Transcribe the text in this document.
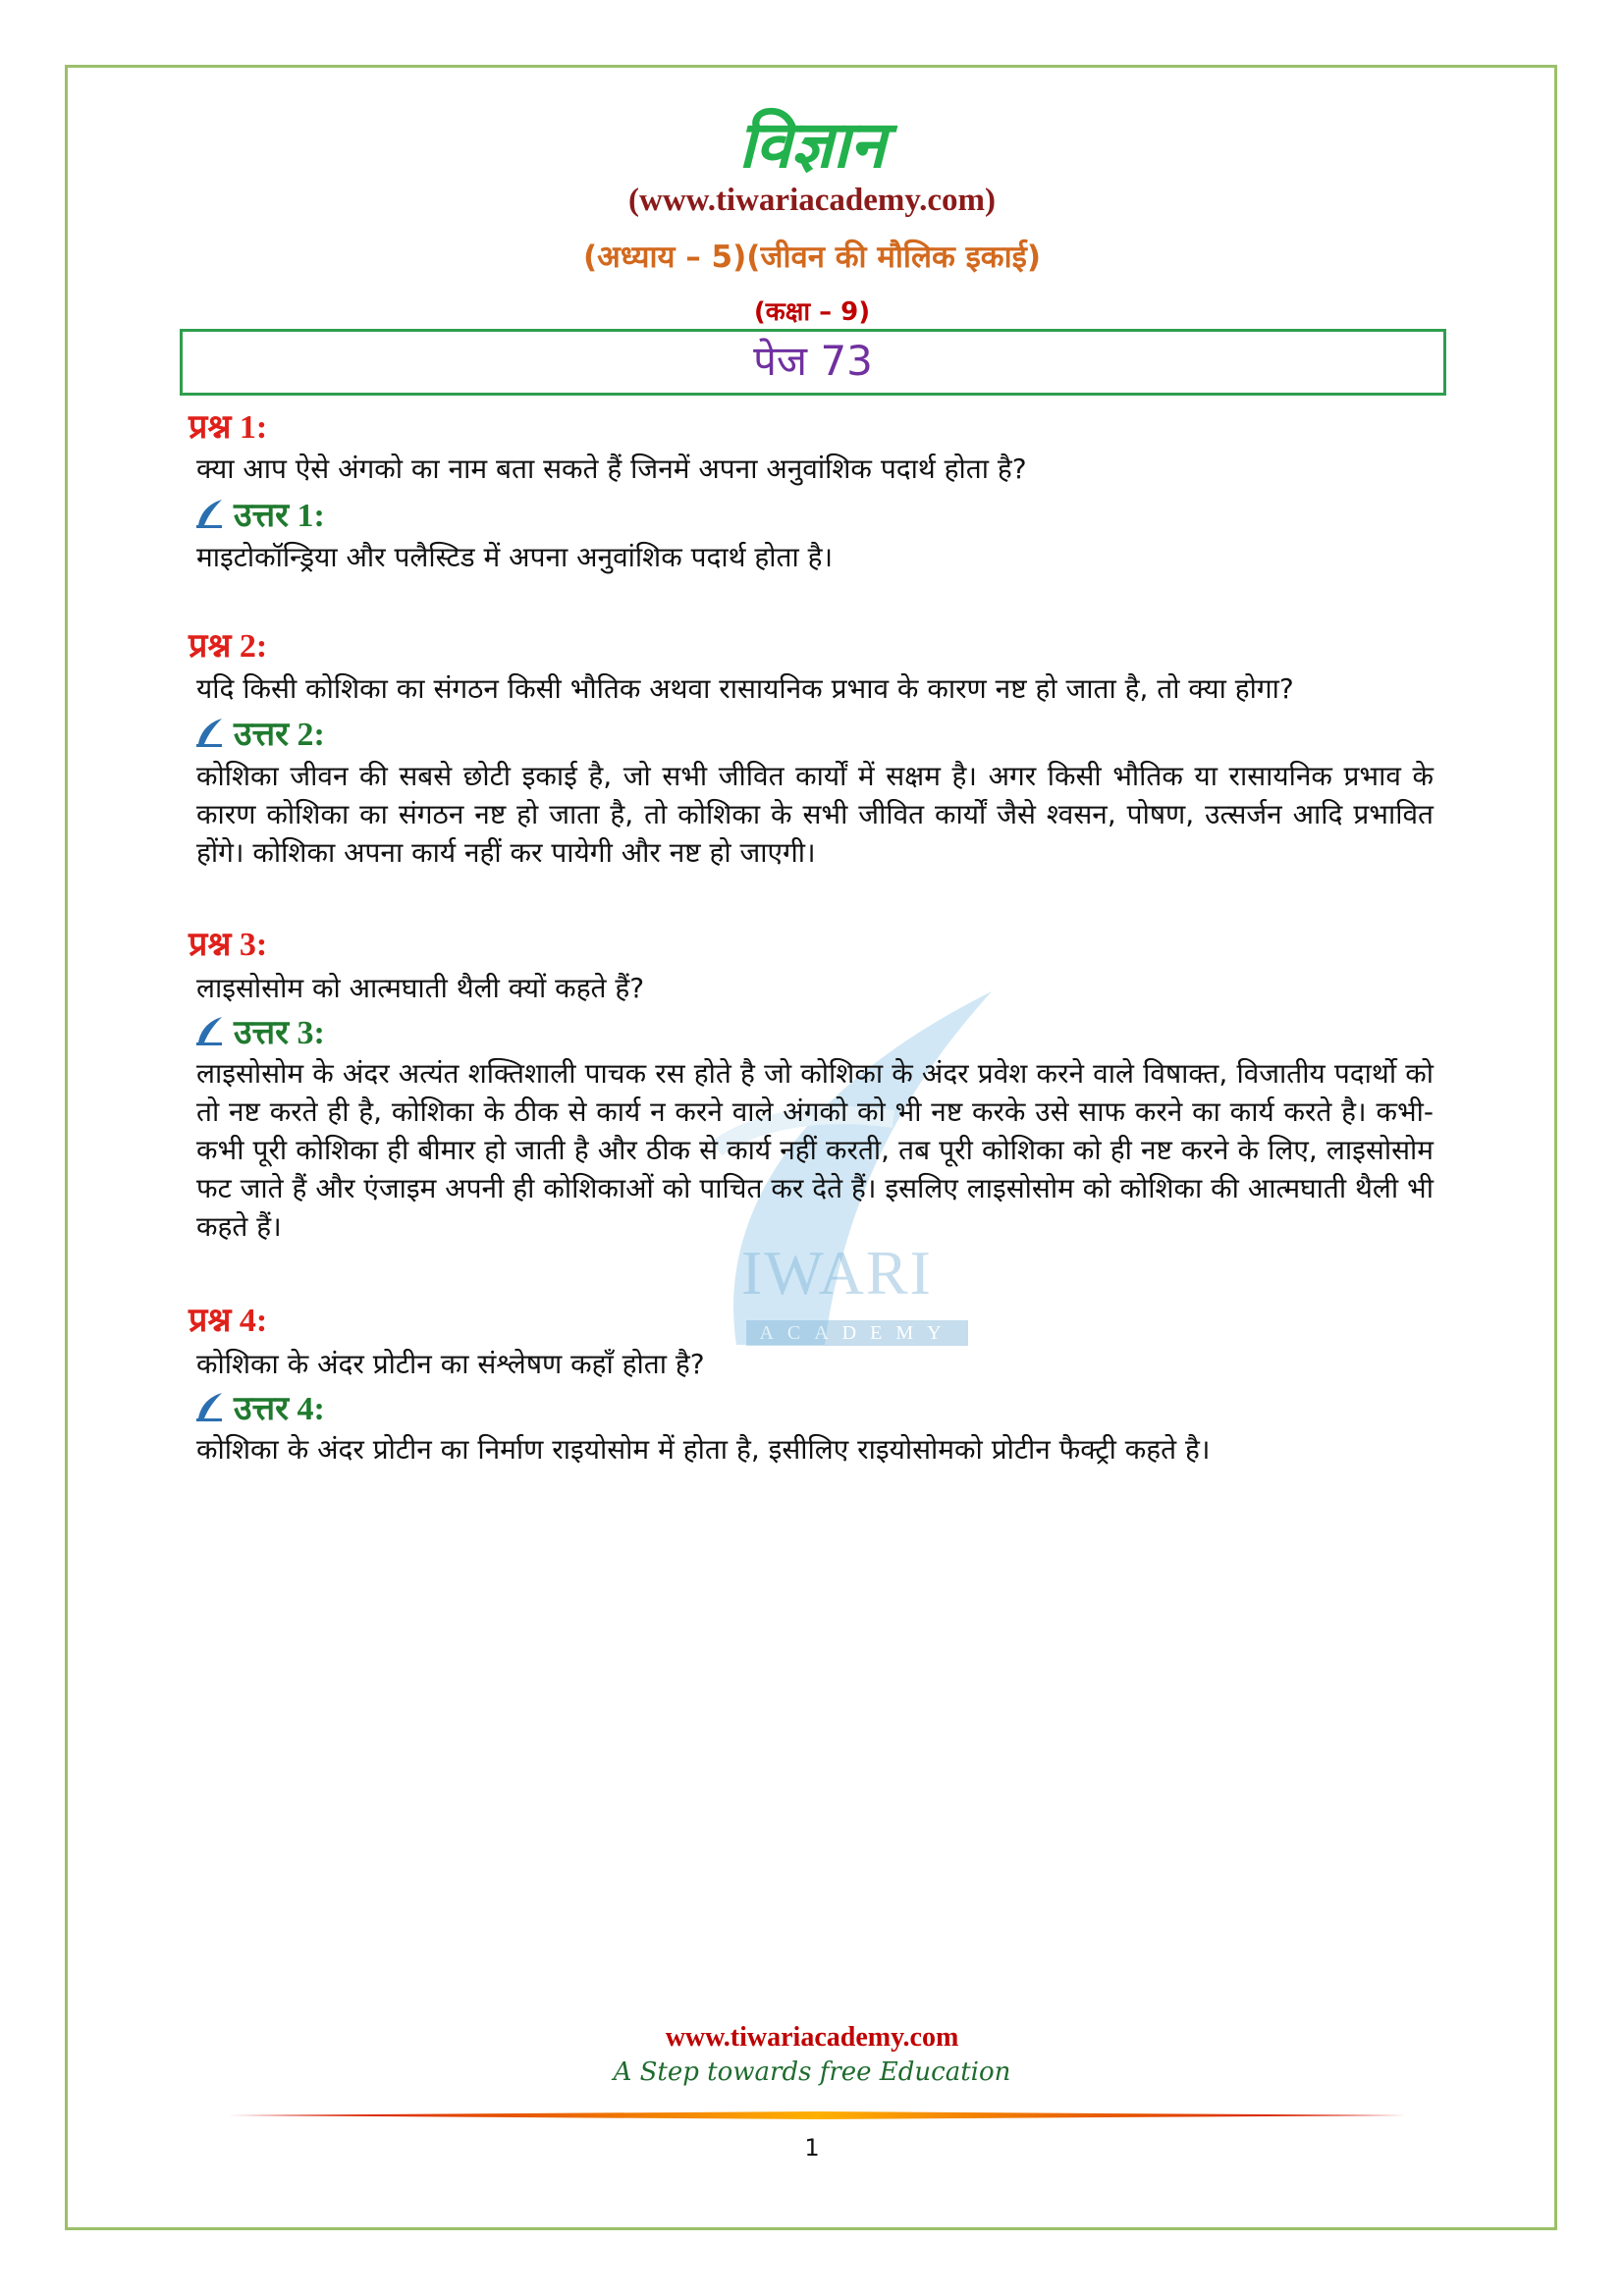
विज्ञान
(www.tiwariacademy.com)
(अध्याय – 5)(जीवन की मौलिक इकाई)
(कक्षा – 9)
पेज 73
IWARI
ACADEMY
प्रश्न 1:
क्या आप ऐसे अंगको का नाम बता सकते हैं जिनमें अपना अनुवांशिक पदार्थ होता है?
उत्तर 1:
माइटोकॉन्ड्रिया और पलैस्टिड में अपना अनुवांशिक पदार्थ होता है।
प्रश्न 2:
यदि किसी कोशिका का संगठन किसी भौतिक अथवा रासायनिक प्रभाव के कारण नष्ट हो जाता है, तो क्या होगा?
उत्तर 2:
कोशिका जीवन की सबसे छोटी इकाई है, जो सभी जीवित कार्यों में सक्षम है। अगर किसी भौतिक या रासायनिक प्रभाव के कारण कोशिका का संगठन नष्ट हो जाता है, तो कोशिका के सभी जीवित कार्यों जैसे श्वसन, पोषण, उत्सर्जन आदि प्रभावित होंगे। कोशिका अपना कार्य नहीं कर पायेगी और नष्ट हो जाएगी।
प्रश्न 3:
लाइसोसोम को आत्मघाती थैली क्यों कहते हैं?
उत्तर 3:
लाइसोसोम के अंदर अत्यंत शक्तिशाली पाचक रस होते है जो कोशिका के अंदर प्रवेश करने वाले विषाक्त, विजातीय पदार्थो को तो नष्ट करते ही है, कोशिका के ठीक से कार्य न करने वाले अंगको को भी नष्ट करके उसे साफ करने का कार्य करते है। कभी-कभी पूरी कोशिका ही बीमार हो जाती है और ठीक से कार्य नहीं करती, तब पूरी कोशिका को ही नष्ट करने के लिए, लाइसोसोम फट जाते हैं और एंजाइम अपनी ही कोशिकाओं को पाचित कर देते हैं। इसलिए लाइसोसोम को कोशिका की आत्मघाती थैली भी कहते हैं।
प्रश्न 4:
कोशिका के अंदर प्रोटीन का संश्लेषण कहाँ होता है?
उत्तर 4:
कोशिका के अंदर प्रोटीन का निर्माण राइयोसोम में होता है, इसीलिए राइयोसोमको प्रोटीन फैक्ट्री कहते है।
www.tiwariacademy.com
A Step towards free Education
1
